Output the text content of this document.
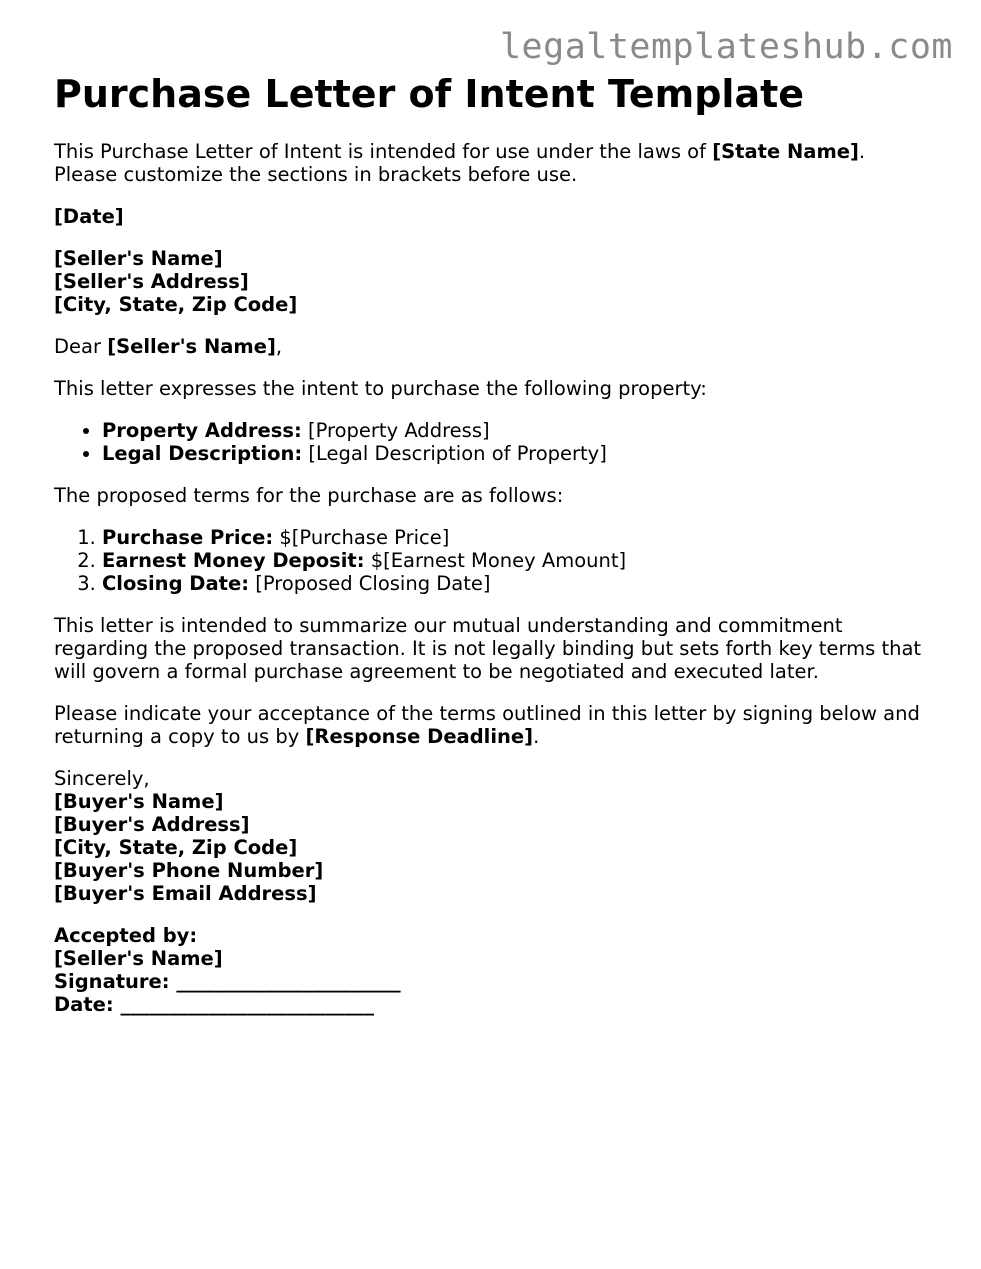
legaltemplateshub.com
Purchase Letter of Intent Template

This Purchase Letter of Intent is intended for use under the laws of [State Name]. Please customize the sections in brackets before use.

[Date]

[Seller's Name]
[Seller's Address]
[City, State, Zip Code]

Dear [Seller's Name],

This letter expresses the intent to purchase the following property:

• Property Address: [Property Address]
• Legal Description: [Legal Description of Property]

The proposed terms for the purchase are as follows:

1. Purchase Price: $[Purchase Price]
2. Earnest Money Deposit: $[Earnest Money Amount]
3. Closing Date: [Proposed Closing Date]

This letter is intended to summarize our mutual understanding and commitment regarding the proposed transaction. It is not legally binding but sets forth key terms that will govern a formal purchase agreement to be negotiated and executed later.

Please indicate your acceptance of the terms outlined in this letter by signing below and returning a copy to us by [Response Deadline].

Sincerely,
[Buyer's Name]
[Buyer's Address]
[City, State, Zip Code]
[Buyer's Phone Number]
[Buyer's Email Address]
Accepted by:
[Seller's Name]
Signature: _______________________
Date: __________________________
